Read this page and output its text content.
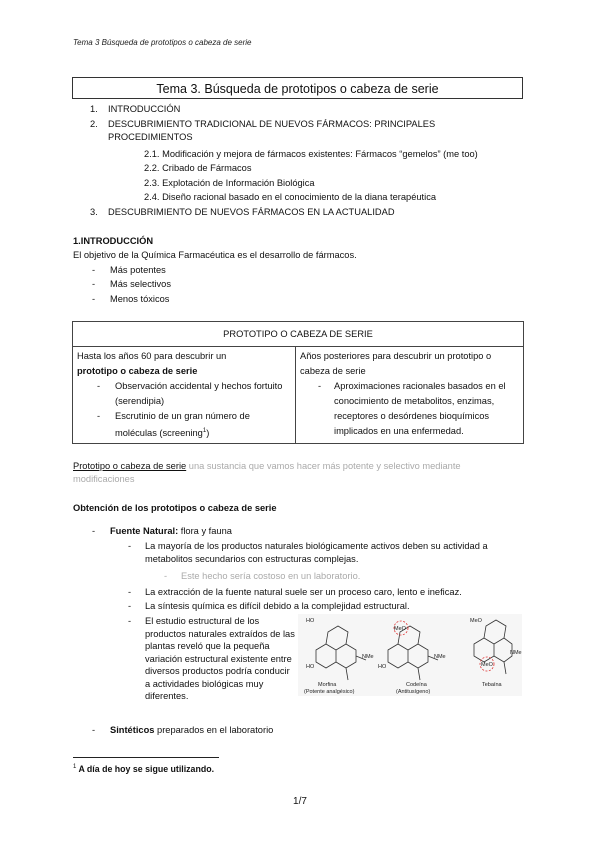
Tema 3 Búsqueda de prototipos o cabeza de serie
Tema 3. Búsqueda de prototipos o cabeza de serie
1. INTRODUCCIÓN
2. DESCUBRIMIENTO TRADICIONAL DE NUEVOS FÁRMACOS: PRINCIPALES
PROCEDIMIENTOS
2.1. Modificación y mejora de fármacos existentes: Fármacos “gemelos” (me too)
2.2. Cribado de Fármacos
2.3. Explotación de Información Biológica
2.4. Diseño racional basado en el conocimiento de la diana terapéutica
3. DESCUBRIMIENTO DE NUEVOS FÁRMACOS EN LA ACTUALIDAD
1.INTRODUCCIÓN
El objetivo de la Química Farmacéutica es el desarrollo de fármacos.
- Más potentes
- Más selectivos
- Menos tóxicos
PROTOTIPO O CABEZA DE SERIE

Hasta los años 60 para descubrir un
prototipo o cabeza de serie
- Observación accidental y hechos fortuito (serendipia)
- Escrutinio de un gran número de moléculas (screening$^1$)

Años posteriores para descubrir un prototipo o cabeza de serie
- Aproximaciones racionales basados en el conocimiento de metabolitos, enzimas, receptores o desórdenes bioquímicos implicados en una enfermedad.
Prototipo o cabeza de serie una sustancia que vamos hacer más potente y selectivo mediante modificaciones
Obtención de los prototipos o cabeza de serie
- Fuente Natural: flora y fauna
- La mayoría de los productos naturales biológicamente activos deben su actividad a metabolitos secundarios con estructuras complejas.
- Este hecho sería costoso en un laboratorio.
- La extracción de la fuente natural suele ser un proceso caro, lento e ineficaz.
- La síntesis química es difícil debido a la complejidad estructural.
- El estudio estructural de los productos naturales extraídos de las plantas reveló que la pequeña variación estructural existente entre diversos productos podría conducir a actividades biológicas muy diferentes.
HO
HO
NMe
MeO
HO
NMe
MeO
MeO
NMe
Morfina
(Potente analgésico)
Codeína
(Antitusígeno)
Tebaína
- Sintéticos preparados en el laboratorio
$^1$ A día de hoy se sigue utilizando.
1/7
